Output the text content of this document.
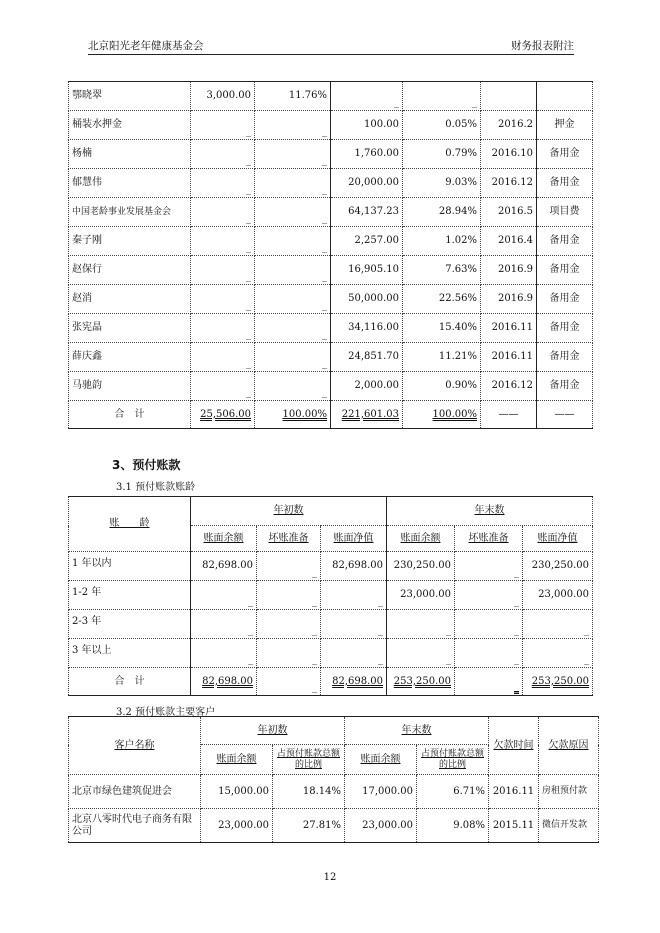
北京阳光老年健康基金会	财务报表附注
鄂晓翠	3,000.00	11.76%	_	_		
桶装水押金	_	_	100.00	0.05%	2016.2	押金
杨楠	_	_	1,760.00	0.79%	2016.10	备用金
郁慧伟	_	_	20,000.00	9.03%	2016.12	备用金
中国老龄事业发展基金会	_	_	64,137.23	28.94%	2016.5	项目费
秦子刚	_	_	2,257.00	1.02%	2016.4	备用金
赵保行	_	_	16,905.10	7.63%	2016.9	备用金
赵消	_	_	50,000.00	22.56%	2016.9	备用金
张宪晶	_	_	34,116.00	15.40%	2016.11	备用金
薛庆鑫	_	_	24,851.70	11.21%	2016.11	备用金
马驰韵	_	_	2,000.00	0.90%	2016.12	备用金
合　计	25,506.00	100.00%	221,601.03	100.00%	——	——
3、预付账款
3.1 预付账款账龄
账　　龄	年初数			年末数		
	账面余额	坏账准备	账面净值	账面余额	坏账准备	账面净值
1 年以内	82,698.00	_	82,698.00	230,250.00	_	230,250.00
1-2 年	_	_	_	23,000.00	_	23,000.00
2-3 年	_	_	_	_	_	_
3 年以上	_	_	_	_	_	_
合　计	82,698.00	_	82,698.00	253,250.00	_	253,250.00
3.2 预付账款主要客户
客户名称	年初数		年末数		欠款时间	欠款原因
	账面余额	占预付账款总额的比例	账面余额	占预付账款总额的比例		
北京市绿色建筑促进会	15,000.00	18.14%	17,000.00	6.71%	2016.11	房租预付款
北京八零时代电子商务有限公司	23,000.00	27.81%	23,000.00	9.08%	2015.11	微信开发款
12
